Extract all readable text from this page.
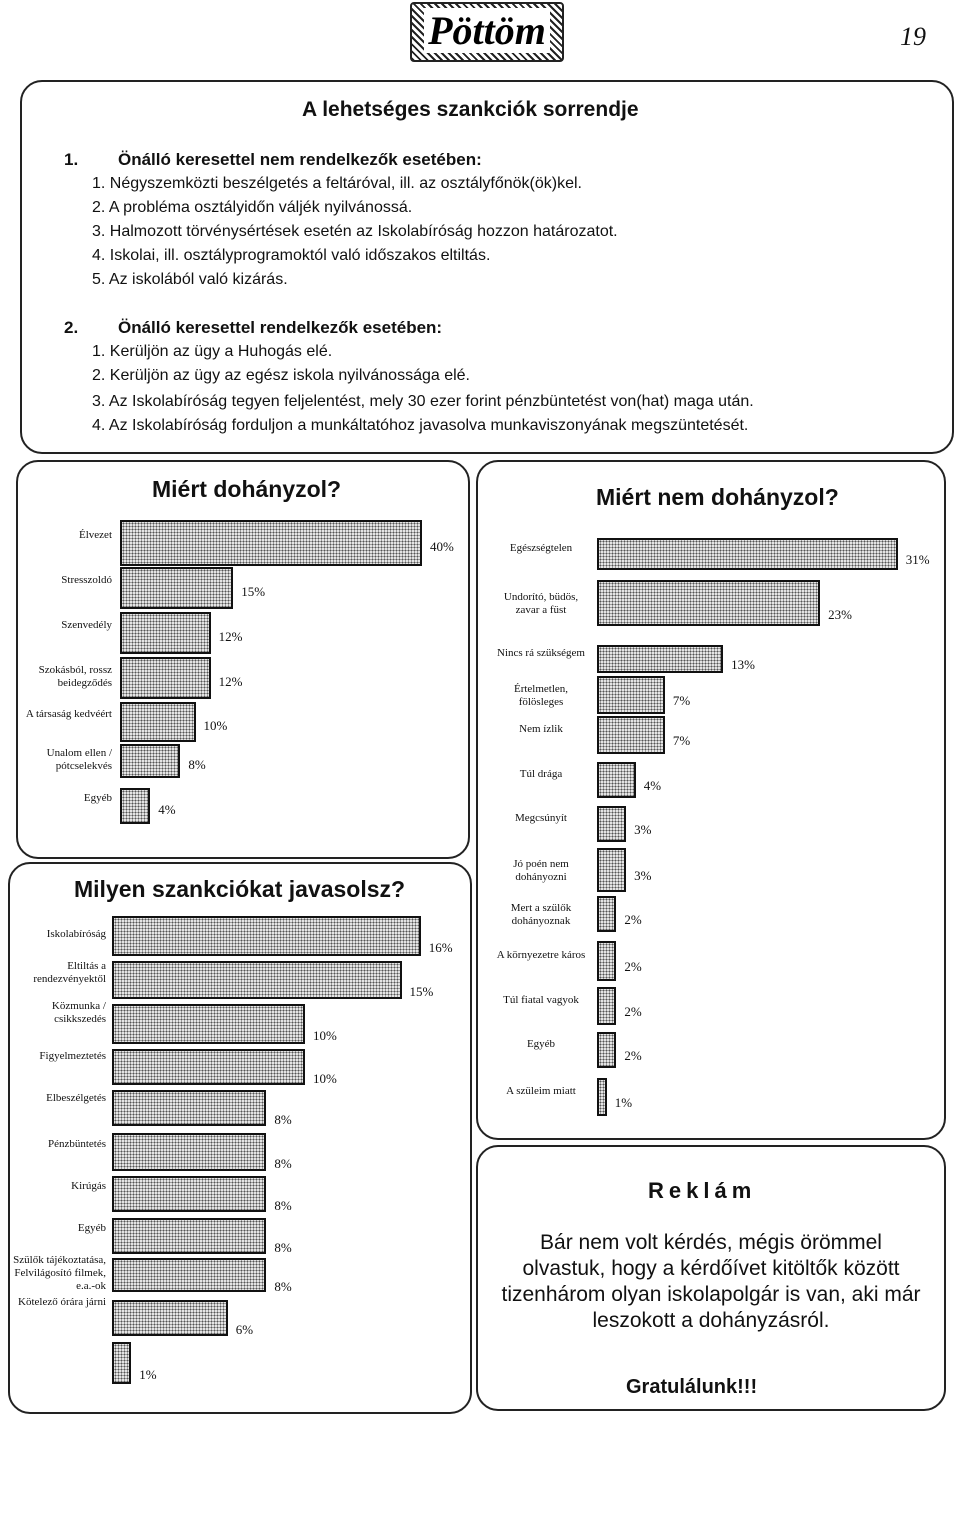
Pöttöm	19
A lehetséges szankciók sorrendje
1. Önálló keresettel nem rendelkezők esetében:
1. Négyszemközti beszélgetés a feltáróval, ill. az osztályfőnök(ök)kel.
2. A probléma osztályidőn váljék nyilvánossá.
3. Halmozott törvénysértések esetén az Iskolabíróság hozzon határozatot.
4. Iskolai, ill. osztályprogramoktól való időszakos eltiltás.
5. Az iskolából való kizárás.
2. Önálló keresettel rendelkezők esetében:
1. Kerüljön az ügy a Huhogás elé.
2. Kerüljön az ügy az egész iskola nyilvánossága elé.
3. Az Iskolabíróság tegyen feljelentést, mely 30 ezer forint pénzbüntetést von(hat) maga után.
4. Az Iskolabíróság forduljon a munkáltatóhoz javasolva munkaviszonyának megszüntetését.
Miért dohányzol?	Miért nem dohányzol?
Milyen szankciókat javasolsz?
Élvezet
Stresszoldó
Szenvedély
Szokásból, rossz beidegződés
A társaság kedvéért
Unalom ellen / pótcselekvés
Egyéb
40%
15%
12%
12%
10%
8%
4%
Egészségtelen
Undorító, büdös, zavar a füst
Nincs rá szükségem
Értelmetlen, fölösleges
Nem ízlik
Túl drága
Megcsúnyít
Jó poén nem dohányozni
Mert a szülők dohányoznak
A környezetre káros
Túl fiatal vagyok
Egyéb
A szüleim miatt
31%
23%
13%
7%
7%
4%
3%
3%
2%
2%
2%
2%
1%
Iskolabíróság
Eltiltás a rendezvényektől
Közmunka / csikkszedés
Figyelmeztetés
Elbeszélgetés
Pénzbüntetés
Kirúgás
Egyéb
Szülők tájékoztatása, Felvilágosító filmek, e.a.-ok
Kötelező órára járni
16%
15%
10%
10%
8%
8%
8%
8%
8%
6%
1%
Reklám
Bár nem volt kérdés, mégis örömmel olvastuk, hogy a kérdőívet kitöltők között tizenhárom olyan iskolapolgár is van, aki már leszokott a dohányzásról.
Gratulálunk!!!
